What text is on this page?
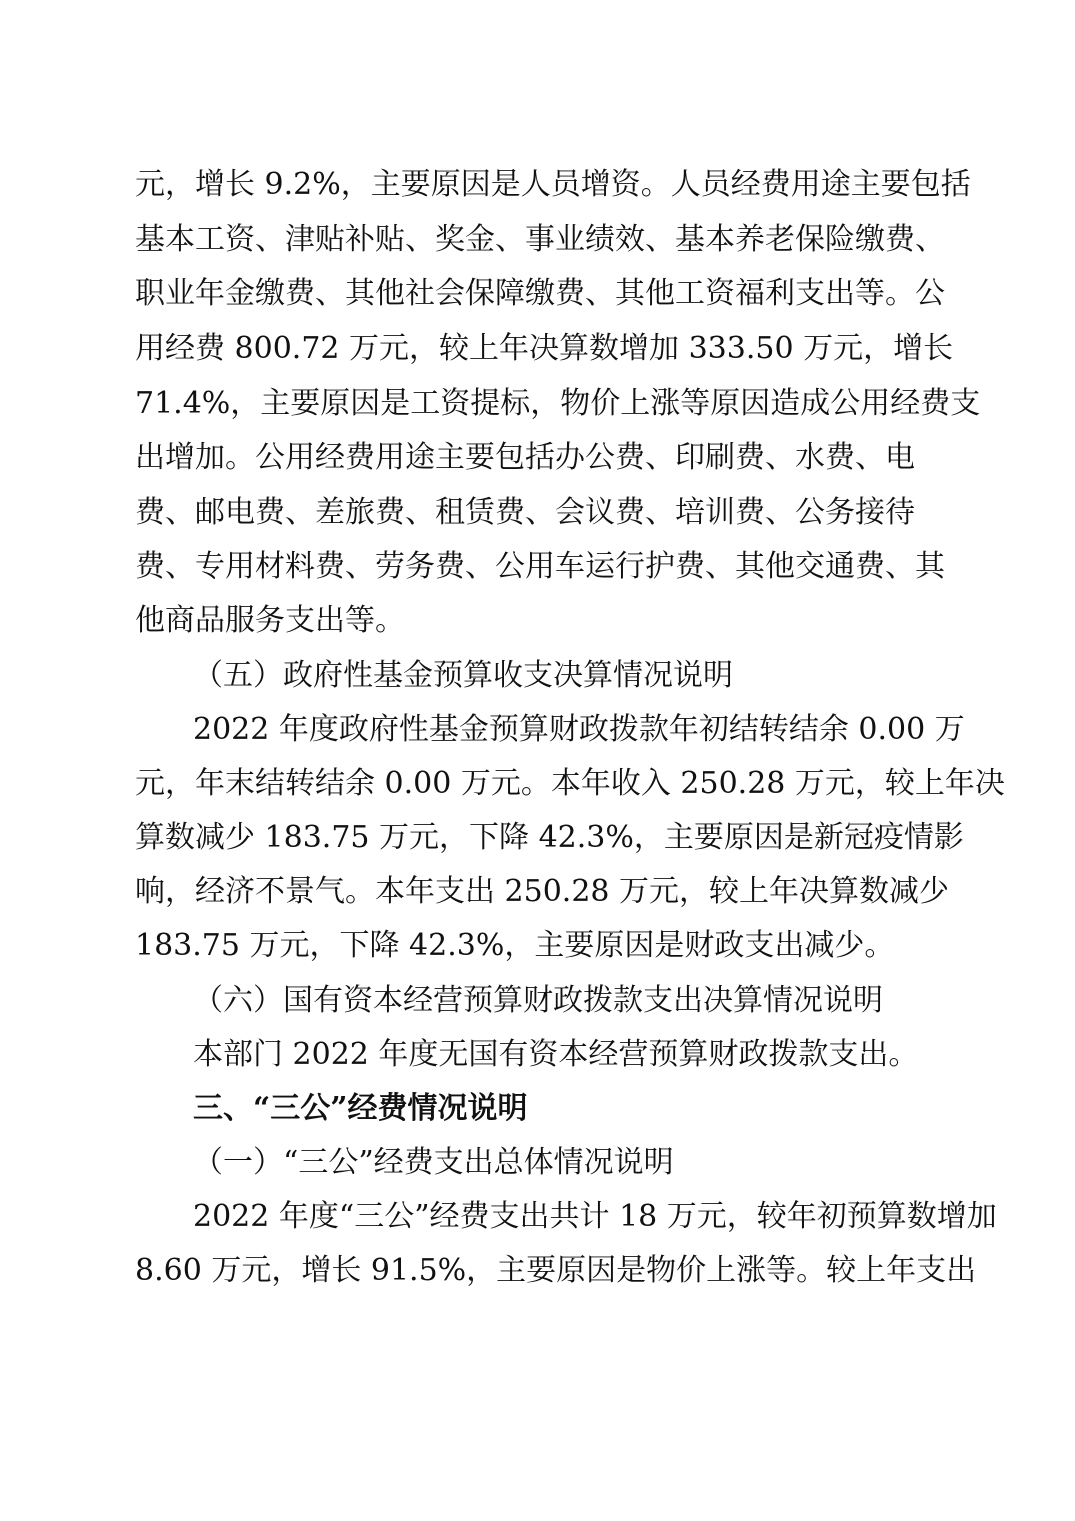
元，增长 9.2%，主要原因是人员增资。人员经费用途主要包括
基本工资、津贴补贴、奖金、事业绩效、基本养老保险缴费、
职业年金缴费、其他社会保障缴费、其他工资福利支出等。公
用经费 800.72 万元，较上年决算数增加 333.50 万元，增长
71.4%，主要原因是工资提标，物价上涨等原因造成公用经费支
出增加。公用经费用途主要包括办公费、印刷费、水费、电
费、邮电费、差旅费、租赁费、会议费、培训费、公务接待
费、专用材料费、劳务费、公用车运行护费、其他交通费、其
他商品服务支出等。
（五）政府性基金预算收支决算情况说明
2022 年度政府性基金预算财政拨款年初结转结余 0.00 万
元，年末结转结余 0.00 万元。本年收入 250.28 万元，较上年决
算数减少 183.75 万元，下降 42.3%，主要原因是新冠疫情影
响，经济不景气。本年支出 250.28 万元，较上年决算数减少
183.75 万元，下降 42.3%，主要原因是财政支出减少。
（六）国有资本经营预算财政拨款支出决算情况说明
本部门 2022 年度无国有资本经营预算财政拨款支出。
三、“三公”经费情况说明
（一）“三公”经费支出总体情况说明
2022 年度“三公”经费支出共计 18 万元，较年初预算数增加
8.60 万元，增长 91.5%，主要原因是物价上涨等。较上年支出
